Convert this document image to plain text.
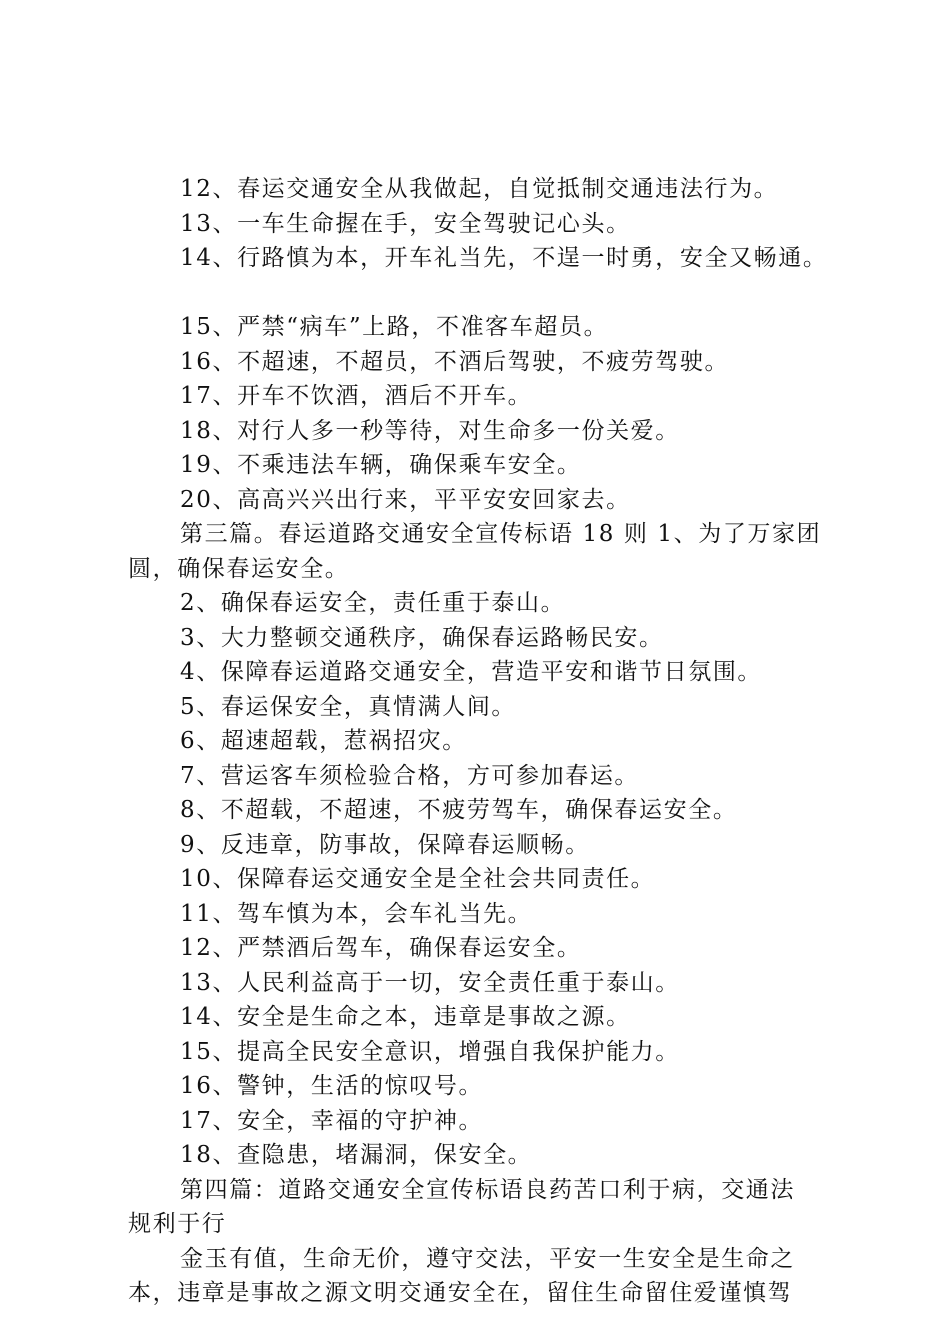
12、春运交通安全从我做起，自觉抵制交通违法行为。
13、一车生命握在手，安全驾驶记心头。
14、行路慎为本，开车礼当先，不逞一时勇，安全又畅通。
15、严禁“病车”上路，不准客车超员。
16、不超速，不超员，不酒后驾驶，不疲劳驾驶。
17、开车不饮酒，酒后不开车。
18、对行人多一秒等待，对生命多一份关爱。
19、不乘违法车辆，确保乘车安全。
20、高高兴兴出行来，平平安安回家去。
第三篇。春运道路交通安全宣传标语 18 则 1、为了万家团
圆，确保春运安全。
2、确保春运安全，责任重于泰山。
3、大力整顿交通秩序，确保春运路畅民安。
4、保障春运道路交通安全，营造平安和谐节日氛围。
5、春运保安全，真情满人间。
6、超速超载，惹祸招灾。
7、营运客车须检验合格，方可参加春运。
8、不超载，不超速，不疲劳驾车，确保春运安全。
9、反违章，防事故，保障春运顺畅。
10、保障春运交通安全是全社会共同责任。
11、驾车慎为本，会车礼当先。
12、严禁酒后驾车，确保春运安全。
13、人民利益高于一切，安全责任重于泰山。
14、安全是生命之本，违章是事故之源。
15、提高全民安全意识，增强自我保护能力。
16、警钟，生活的惊叹号。
17、安全，幸福的守护神。
18、查隐患，堵漏洞，保安全。
第四篇：道路交通安全宣传标语良药苦口利于病，交通法
规利于行
金玉有值，生命无价，遵守交法，平安一生安全是生命之
本，违章是事故之源文明交通安全在，留住生命留住爱谨慎驾
